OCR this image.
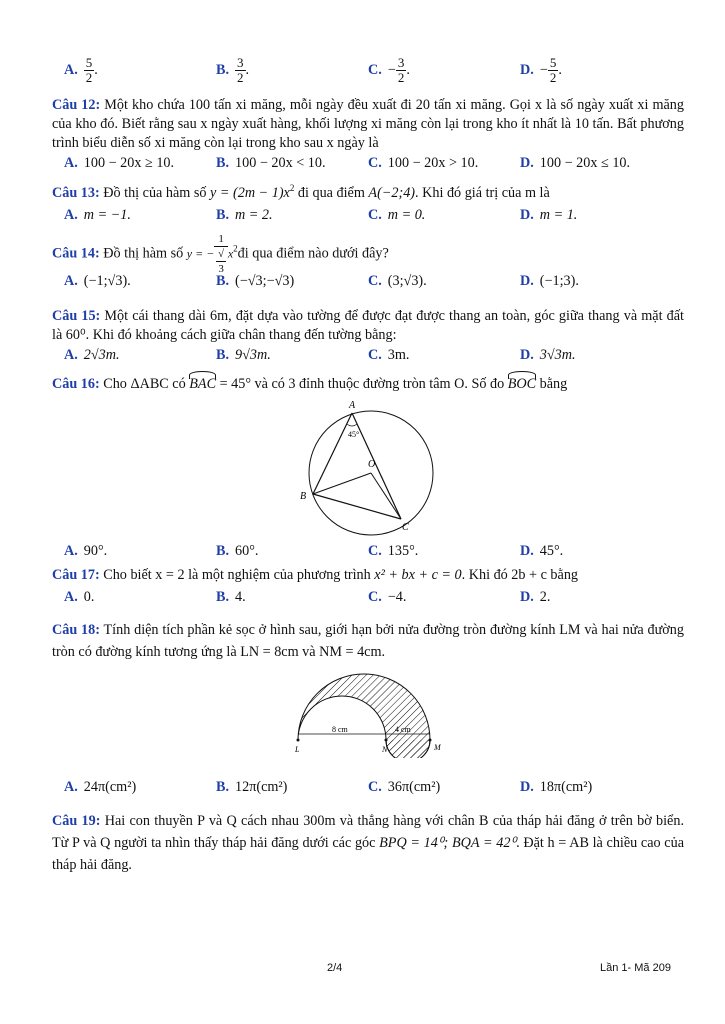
A. $\frac{5}{2}$ .	B. $\frac{3}{2}$ .	C. − $\frac{3}{2}$ .	D. − $\frac{5}{2}$ .
Câu 12: Một kho chứa 100 tấn xi măng, mỗi ngày đều xuất đi 20 tấn xi măng. Gọi x là số ngày xuất xi măng của kho đó. Biết rằng sau x ngày xuất hàng, khối lượng xi măng còn lại trong kho ít nhất là 10 tấn. Bất phương trình biểu diễn số xi măng còn lại trong kho sau x ngày là
A. 100 − 20x ≥ 10.	B. 100 − 20x < 10.	C. 100 − 20x > 10.	D. 100 − 20x ≤ 10.
Câu 13: Đồ thị của hàm số $y = (2m - 1)x^2$ đi qua điểm A(−2;4). Khi đó giá trị của m là
A. m = −1.	B. m = 2.	C. m = 0.	D. m = 1.
Câu 14: Đồ thị hàm số y = − 1
√
3 $x^2đi$ qua điểm nào dưới đây?
A. (−1;√3).	B. (−√3;−√3)	C. (3;√3).	D. (−1;3).
Câu 15: Một cái thang dài 6m, đặt dựa vào tường để được đạt được thang an toàn, góc giữa thang và mặt đất là 60⁰. Khi đó khoảng cách giữa chân thang đến tường bằng:
A. 2√3m.	B. 9√3m.	C. 3m.	D. 3√3m.
Câu 16: Cho ΔABC có BAC = 45° và có 3 đỉnh thuộc đường tròn tâm O. Số đo BOC bằng
A
B
C
O
45°
A. 90°.	B. 60°.	C. 135°.	D. 45°.
Câu 17: Cho biết x = 2 là một nghiệm của phương trình x² + bx + c = 0. Khi đó 2b + c bằng
A. 0.	B. 4.	C. −4.	D. 2.
Câu 18: Tính diện tích phần kẻ sọc ở hình sau, giới hạn bởi nửa đường tròn đường kính LM và hai nửa đường tròn có đường kính tương ứng là LN = 8cm và NM = 4cm.
8 cm	4 cm
L	N	M
A. 24π(cm²)	B. 12π(cm²)	C. 36π(cm²)	D. 18π(cm²)
Câu 19: Hai con thuyền P và Q cách nhau 300m và thẳng hàng với chân B của tháp hải đăng ở trên bờ biển. Từ P và Q người ta nhìn thấy tháp hải đăng dưới các góc BPQ = 14⁰; BQA = 42⁰. Đặt h = AB là chiều cao của tháp hải đăng.
2/4	Lần 1- Mã 209
